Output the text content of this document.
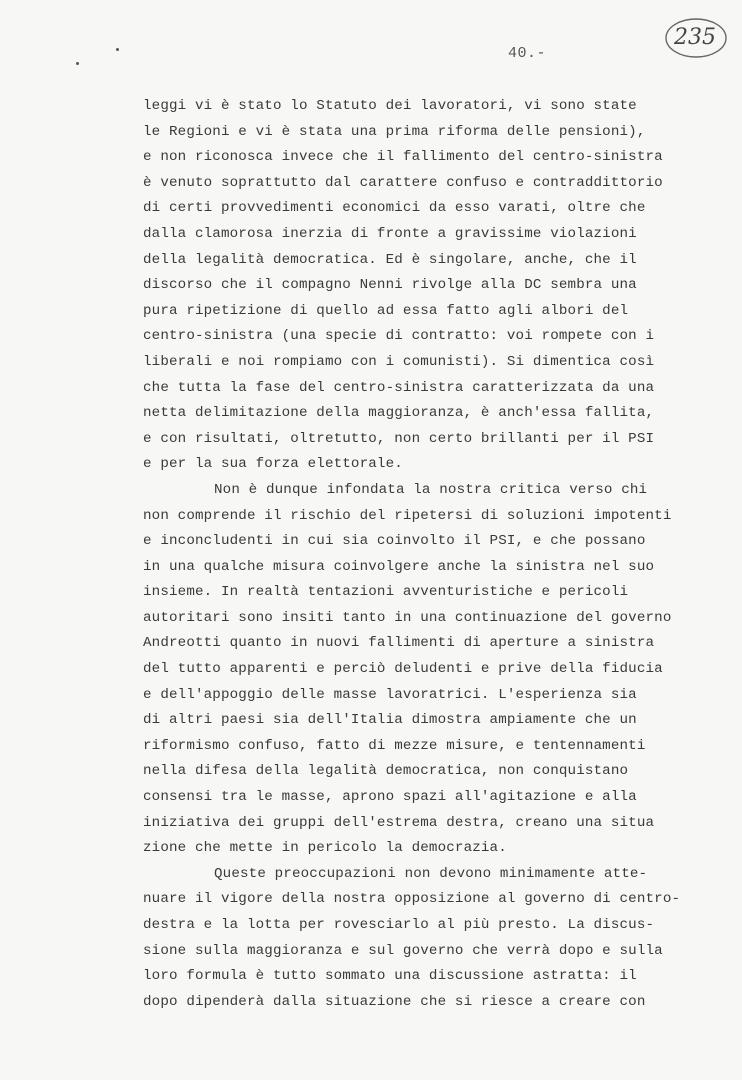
40.-
235
leggi vi è stato lo Statuto dei lavoratori, vi sono state
le Regioni e vi è stata una prima riforma delle pensioni),
e non riconosca invece che il fallimento del centro-sinistra
è venuto soprattutto dal carattere confuso e contraddittorio
di certi provvedimenti economici da esso varati, oltre che
dalla clamorosa inerzia di fronte a gravissime violazioni
della legalità democratica. Ed è singolare, anche, che il
discorso che il compagno Nenni rivolge alla DC sembra una
pura ripetizione di quello ad essa fatto agli albori del
centro-sinistra (una specie di contratto: voi rompete con i
liberali e noi rompiamo con i comunisti). Si dimentica così
che tutta la fase del centro-sinistra caratterizzata da una
netta delimitazione della maggioranza, è anch'essa fallita,
e con risultati, oltretutto, non certo brillanti per il PSI
e per la sua forza elettorale.
Non è dunque infondata la nostra critica verso chi
non comprende il rischio del ripetersi di soluzioni impotenti
e inconcludenti in cui sia coinvolto il PSI, e che possano
in una qualche misura coinvolgere anche la sinistra nel suo
insieme. In realtà tentazioni avventuristiche e pericoli
autoritari sono insiti tanto in una continuazione del governo
Andreotti quanto in nuovi fallimenti di aperture a sinistra
del tutto apparenti e perciò deludenti e prive della fiducia
e dell'appoggio delle masse lavoratrici. L'esperienza sia
di altri paesi sia dell'Italia dimostra ampiamente che un
riformismo confuso, fatto di mezze misure, e tentennamenti
nella difesa della legalità democratica, non conquistano
consensi tra le masse, aprono spazi all'agitazione e alla
iniziativa dei gruppi dell'estrema destra, creano una situa
zione che mette in pericolo la democrazia.
Queste preoccupazioni non devono minimamente atte-
nuare il vigore della nostra opposizione al governo di centro-
destra e la lotta per rovesciarlo al più presto. La discus-
sione sulla maggioranza e sul governo che verrà dopo e sulla
loro formula è tutto sommato una discussione astratta: il
dopo dipenderà dalla situazione che si riesce a creare con
